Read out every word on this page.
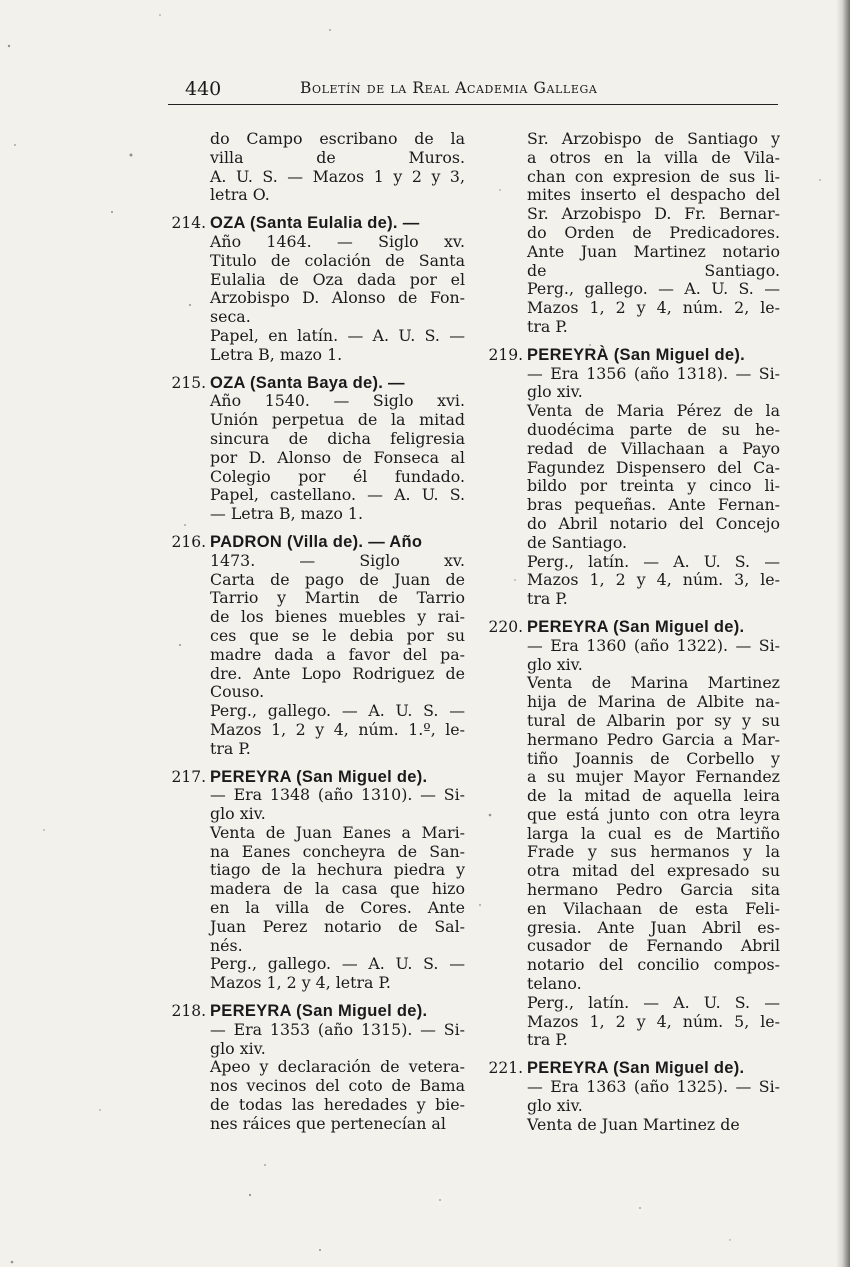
440	Boletín de la Real Academia Gallega
do Campo escribano de la
villa de Muros.
A. U. S. — Mazos 1 y 2 y 3,
letra O.
214. OZA (Santa Eulalia de). —
Año 1464. — Siglo xv.
Titulo de colación de Santa
Eulalia de Oza dada por el
Arzobispo D. Alonso de Fon-
seca.
Papel, en latín. — A. U. S. —
Letra B, mazo 1.
215. OZA (Santa Baya de). —
Año 1540. — Siglo xvi.
Unión perpetua de la mitad
sincura de dicha feligresia
por D. Alonso de Fonseca al
Colegio por él fundado.
Papel, castellano. — A. U. S.
— Letra B, mazo 1.
216. PADRON (Villa de). — Año
1473. — Siglo xv.
Carta de pago de Juan de
Tarrio y Martin de Tarrio
de los bienes muebles y rai-
ces que se le debia por su
madre dada a favor del pa-
dre. Ante Lopo Rodriguez de
Couso.
Perg., gallego. — A. U. S. —
Mazos 1, 2 y 4, núm. 1.º, le-
tra P.
217. PEREYRA (San Miguel de).
— Era 1348 (año 1310). — Si-
glo xiv.
Venta de Juan Eanes a Mari-
na Eanes concheyra de San-
tiago de la hechura piedra y
madera de la casa que hizo
en la villa de Cores. Ante
Juan Perez notario de Sal-
nés.
Perg., gallego. — A. U. S. —
Mazos 1, 2 y 4, letra P.
218. PEREYRA (San Miguel de).
— Era 1353 (año 1315). — Si-
glo xiv.
Apeo y declaración de vetera-
nos vecinos del coto de Bama
de todas las heredades y bie-
nes ráices que pertenecían al
Sr. Arzobispo de Santiago y
a otros en la villa de Vila-
chan con expresion de sus li-
mites inserto el despacho del
Sr. Arzobispo D. Fr. Bernar-
do Orden de Predicadores.
Ante Juan Martinez notario
de Santiago.
Perg., gallego. — A. U. S. —
Mazos 1, 2 y 4, núm. 2, le-
tra P.
219. PEREYRÀ (San Miguel de).
— Era 1356 (año 1318). — Si-
glo xiv.
Venta de Maria Pérez de la
duodécima parte de su he-
redad de Villachaan a Payo
Fagundez Dispensero del Ca-
bildo por treinta y cinco li-
bras pequeñas. Ante Fernan-
do Abril notario del Concejo
de Santiago.
Perg., latín. — A. U. S. —
Mazos 1, 2 y 4, núm. 3, le-
tra P.
220. PEREYRA (San Miguel de).
— Era 1360 (año 1322). — Si-
glo xiv.
Venta de Marina Martinez
hija de Marina de Albite na-
tural de Albarin por sy y su
hermano Pedro Garcia a Mar-
tiño Joannis de Corbello y
a su mujer Mayor Fernandez
de la mitad de aquella leira
que está junto con otra leyra
larga la cual es de Martiño
Frade y sus hermanos y la
otra mitad del expresado su
hermano Pedro Garcia sita
en Vilachaan de esta Feli-
gresia. Ante Juan Abril es-
cusador de Fernando Abril
notario del concilio compos-
telano.
Perg., latín. — A. U. S. —
Mazos 1, 2 y 4, núm. 5, le-
tra P.
221. PEREYRA (San Miguel de).
— Era 1363 (año 1325). — Si-
glo xiv.
Venta de Juan Martinez de
